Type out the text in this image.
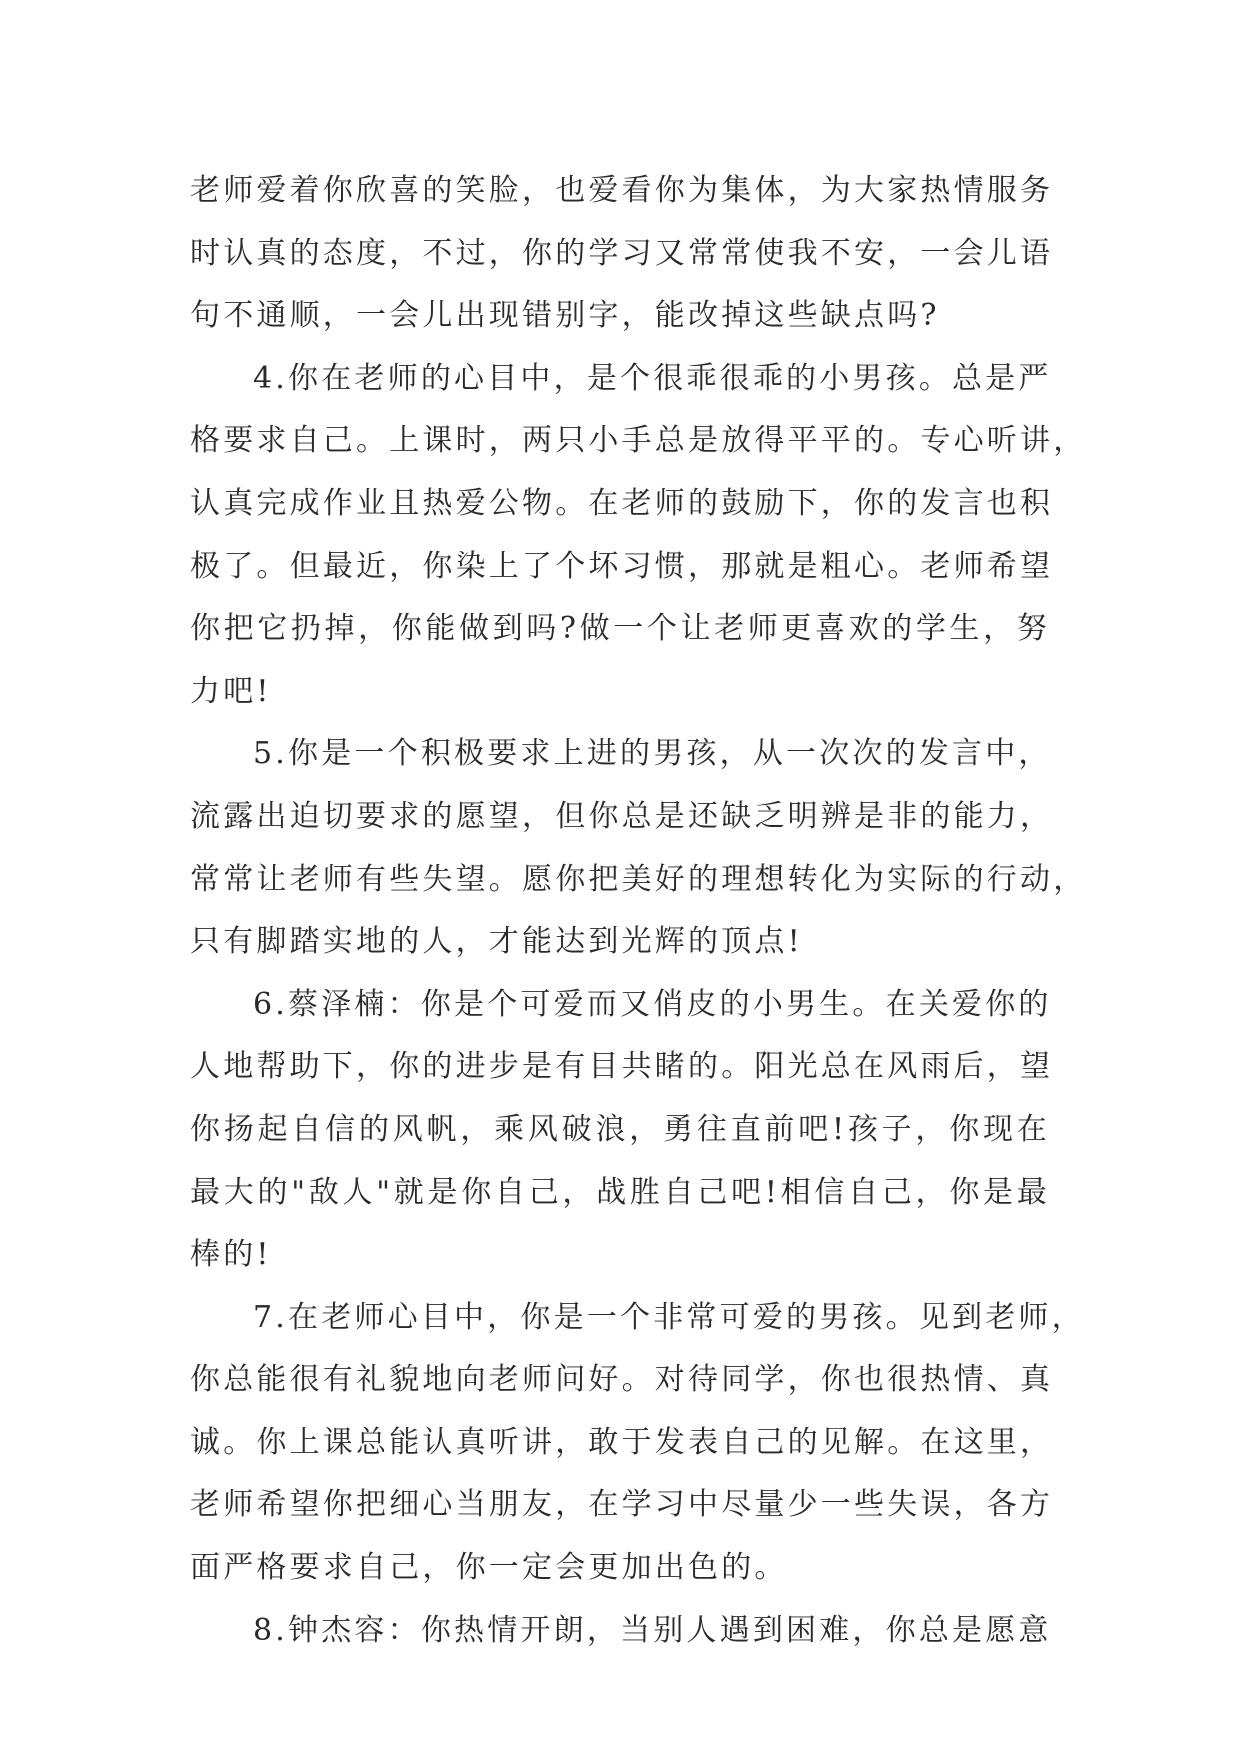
老师爱着你欣喜的笑脸，也爱看你为集体，为大家热情服务
时认真的态度，不过，你的学习又常常使我不安，一会儿语
句不通顺，一会儿出现错别字，能改掉这些缺点吗?

4.你在老师的心目中，是个很乖很乖的小男孩。总是严
格要求自己。上课时，两只小手总是放得平平的。专心听讲，
认真完成作业且热爱公物。在老师的鼓励下，你的发言也积
极了。但最近，你染上了个坏习惯，那就是粗心。老师希望
你把它扔掉，你能做到吗?做一个让老师更喜欢的学生，努
力吧!

5.你是一个积极要求上进的男孩，从一次次的发言中，
流露出迫切要求的愿望，但你总是还缺乏明辨是非的能力，
常常让老师有些失望。愿你把美好的理想转化为实际的行动，
只有脚踏实地的人，才能达到光辉的顶点!

6.蔡泽楠：你是个可爱而又俏皮的小男生。在关爱你的
人地帮助下，你的进步是有目共睹的。阳光总在风雨后，望
你扬起自信的风帆，乘风破浪，勇往直前吧!孩子，你现在
最大的"敌人"就是你自己，战胜自己吧!相信自己，你是最
棒的!

7.在老师心目中，你是一个非常可爱的男孩。见到老师，
你总能很有礼貌地向老师问好。对待同学，你也很热情、真
诚。你上课总能认真听讲，敢于发表自己的见解。在这里，
老师希望你把细心当朋友，在学习中尽量少一些失误，各方
面严格要求自己，你一定会更加出色的。

8.钟杰容：你热情开朗，当别人遇到困难，你总是愿意
